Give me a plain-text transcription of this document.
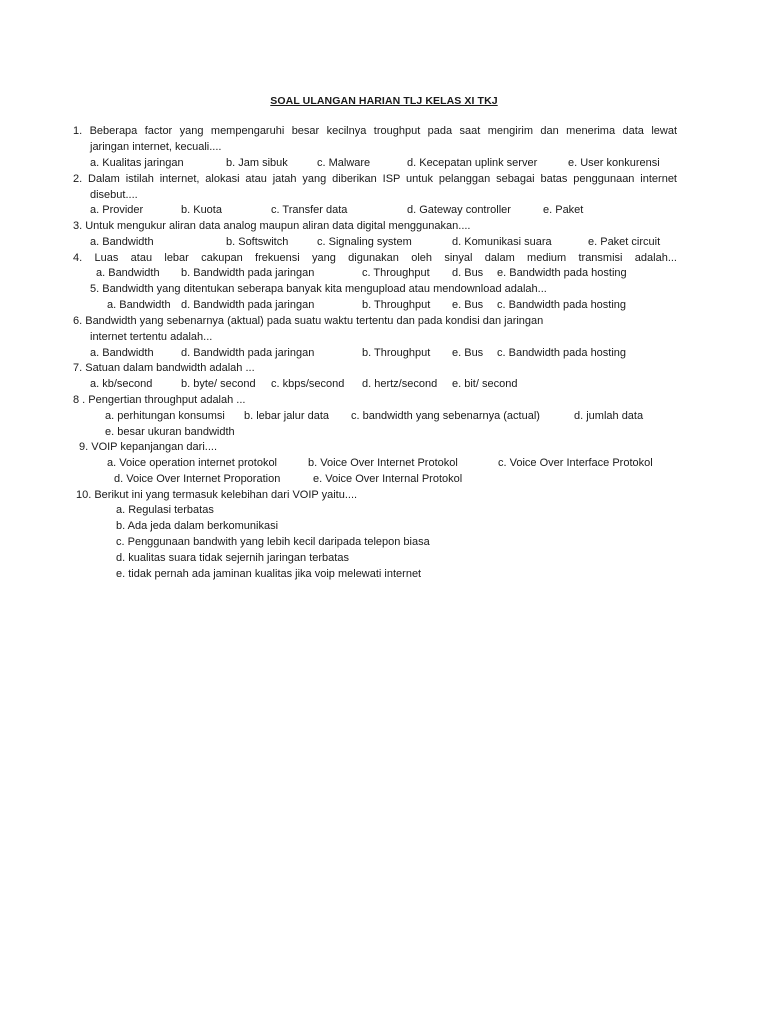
SOAL ULANGAN HARIAN TLJ KELAS XI TKJ
1. Beberapa factor yang mempengaruhi besar kecilnya troughput pada saat mengirim dan menerima data lewat
jaringan internet, kecuali....
a. Kualitas jaringan	b. Jam sibuk	c. Malware	d. Kecepatan uplink server	e. User konkurensi
2. Dalam istilah internet, alokasi atau jatah yang diberikan ISP untuk pelanggan sebagai batas penggunaan internet
disebut....
a. Provider	b. Kuota	c. Transfer data	d. Gateway controller	e. Paket
3. Untuk mengukur aliran data analog maupun aliran data digital menggunakan....
a. Bandwidth	b. Softswitch	c. Signaling system	d. Komunikasi suara	e. Paket circuit
4. Luas atau lebar cakupan frekuensi yang digunakan oleh sinyal dalam medium transmisi adalah...
a. Bandwidth b. Bandwidth pada jaringan	c. Throughput d. Bus e. Bandwidth pada hosting
5. Bandwidth yang ditentukan seberapa banyak kita mengupload atau mendownload adalah...
a. Bandwidth d. Bandwidth pada jaringan	b. Throughput e. Bus c. Bandwidth pada hosting
6. Bandwidth yang sebenarnya (aktual) pada suatu waktu tertentu dan pada kondisi dan jaringan
internet tertentu adalah...
a. Bandwidth d. Bandwidth pada jaringan	b. Throughput e. Bus c. Bandwidth pada hosting
7. Satuan dalam bandwidth adalah ...
a. kb/second	b. byte/ second c. kbps/second d. hertz/second e. bit/ second
8 . Pengertian throughput adalah ...
a. perhitungan konsumsi b. lebar jalur data c. bandwidth yang sebenarnya (actual)	d. jumlah data
e. besar ukuran bandwidth
9. VOIP kepanjangan dari....
a. Voice operation internet protokol	b. Voice Over Internet Protokol	c. Voice Over Interface Protokol
d. Voice Over Internet Proporation	e. Voice Over Internal Protokol
10. Berikut ini yang termasuk kelebihan dari VOIP yaitu....
a. Regulasi terbatas
b. Ada jeda dalam berkomunikasi
c. Penggunaan bandwith yang lebih kecil daripada telepon biasa
d. kualitas suara tidak sejernih jaringan terbatas
e. tidak pernah ada jaminan kualitas jika voip melewati internet
